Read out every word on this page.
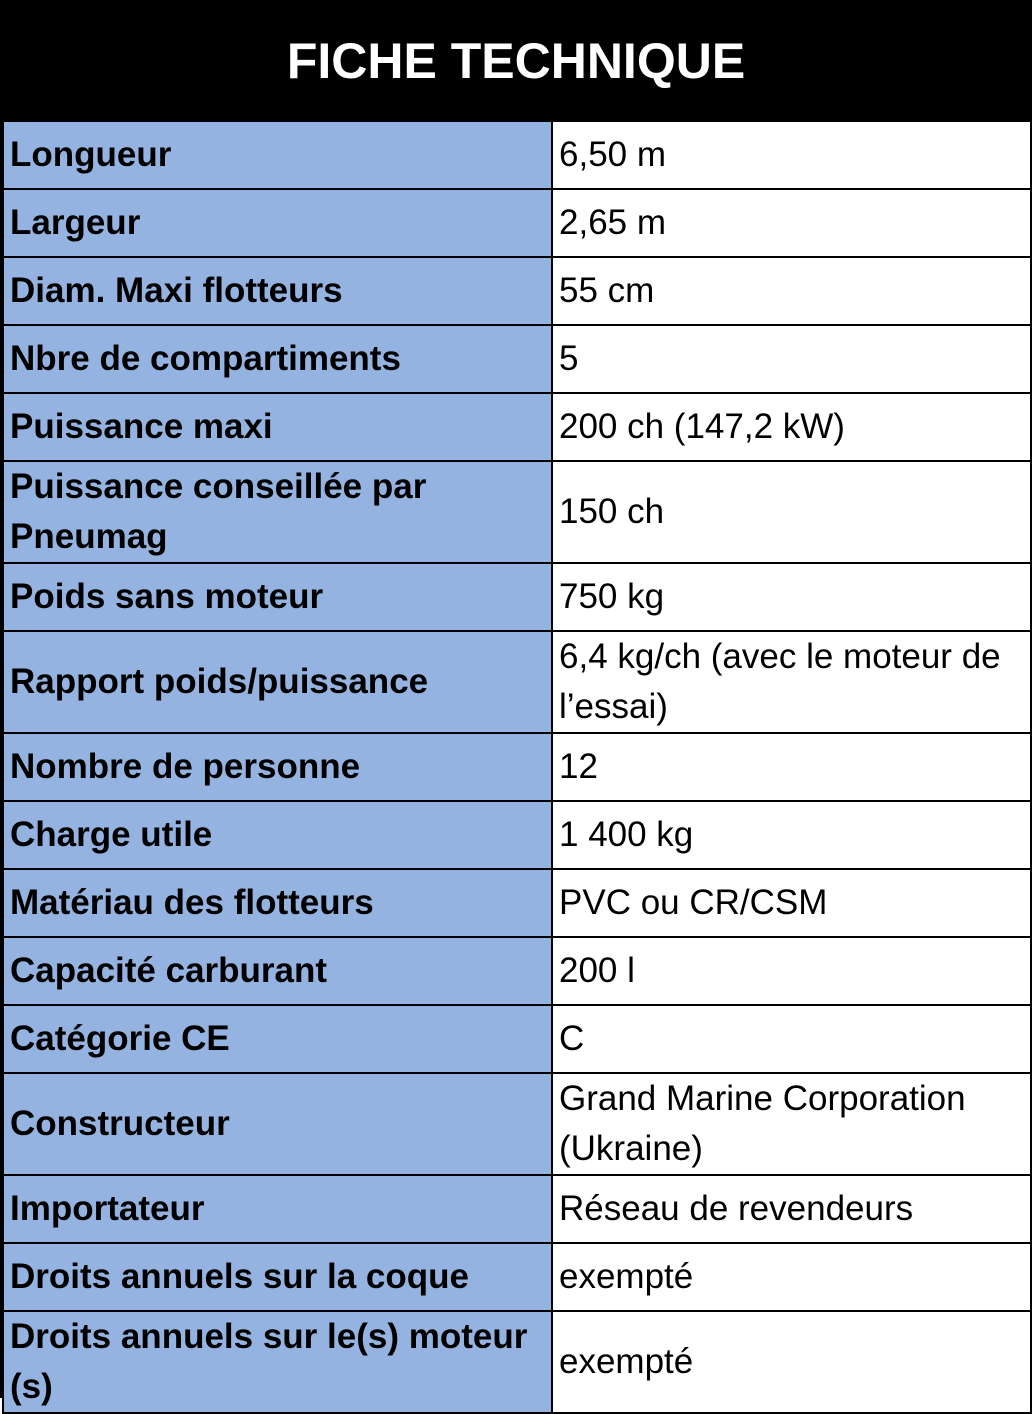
FICHE TECHNIQUE
Longueur	6,50 m
Largeur	2,65 m
Diam. Maxi flotteurs	55 cm
Nbre de compartiments	5
Puissance maxi	200 ch (147,2 kW)
Puissance conseillée par Pneumag	150 ch
Poids sans moteur	750 kg
Rapport poids/puissance	6,4 kg/ch (avec le moteur de l’essai)
Nombre de personne	12
Charge utile	1 400 kg
Matériau des flotteurs	PVC ou CR/CSM
Capacité carburant	200 l
Catégorie CE	C
Constructeur	Grand Marine Corporation (Ukraine)
Importateur	Réseau de revendeurs
Droits annuels sur la coque	exempté
Droits annuels sur le(s) moteur (s)	exempté
